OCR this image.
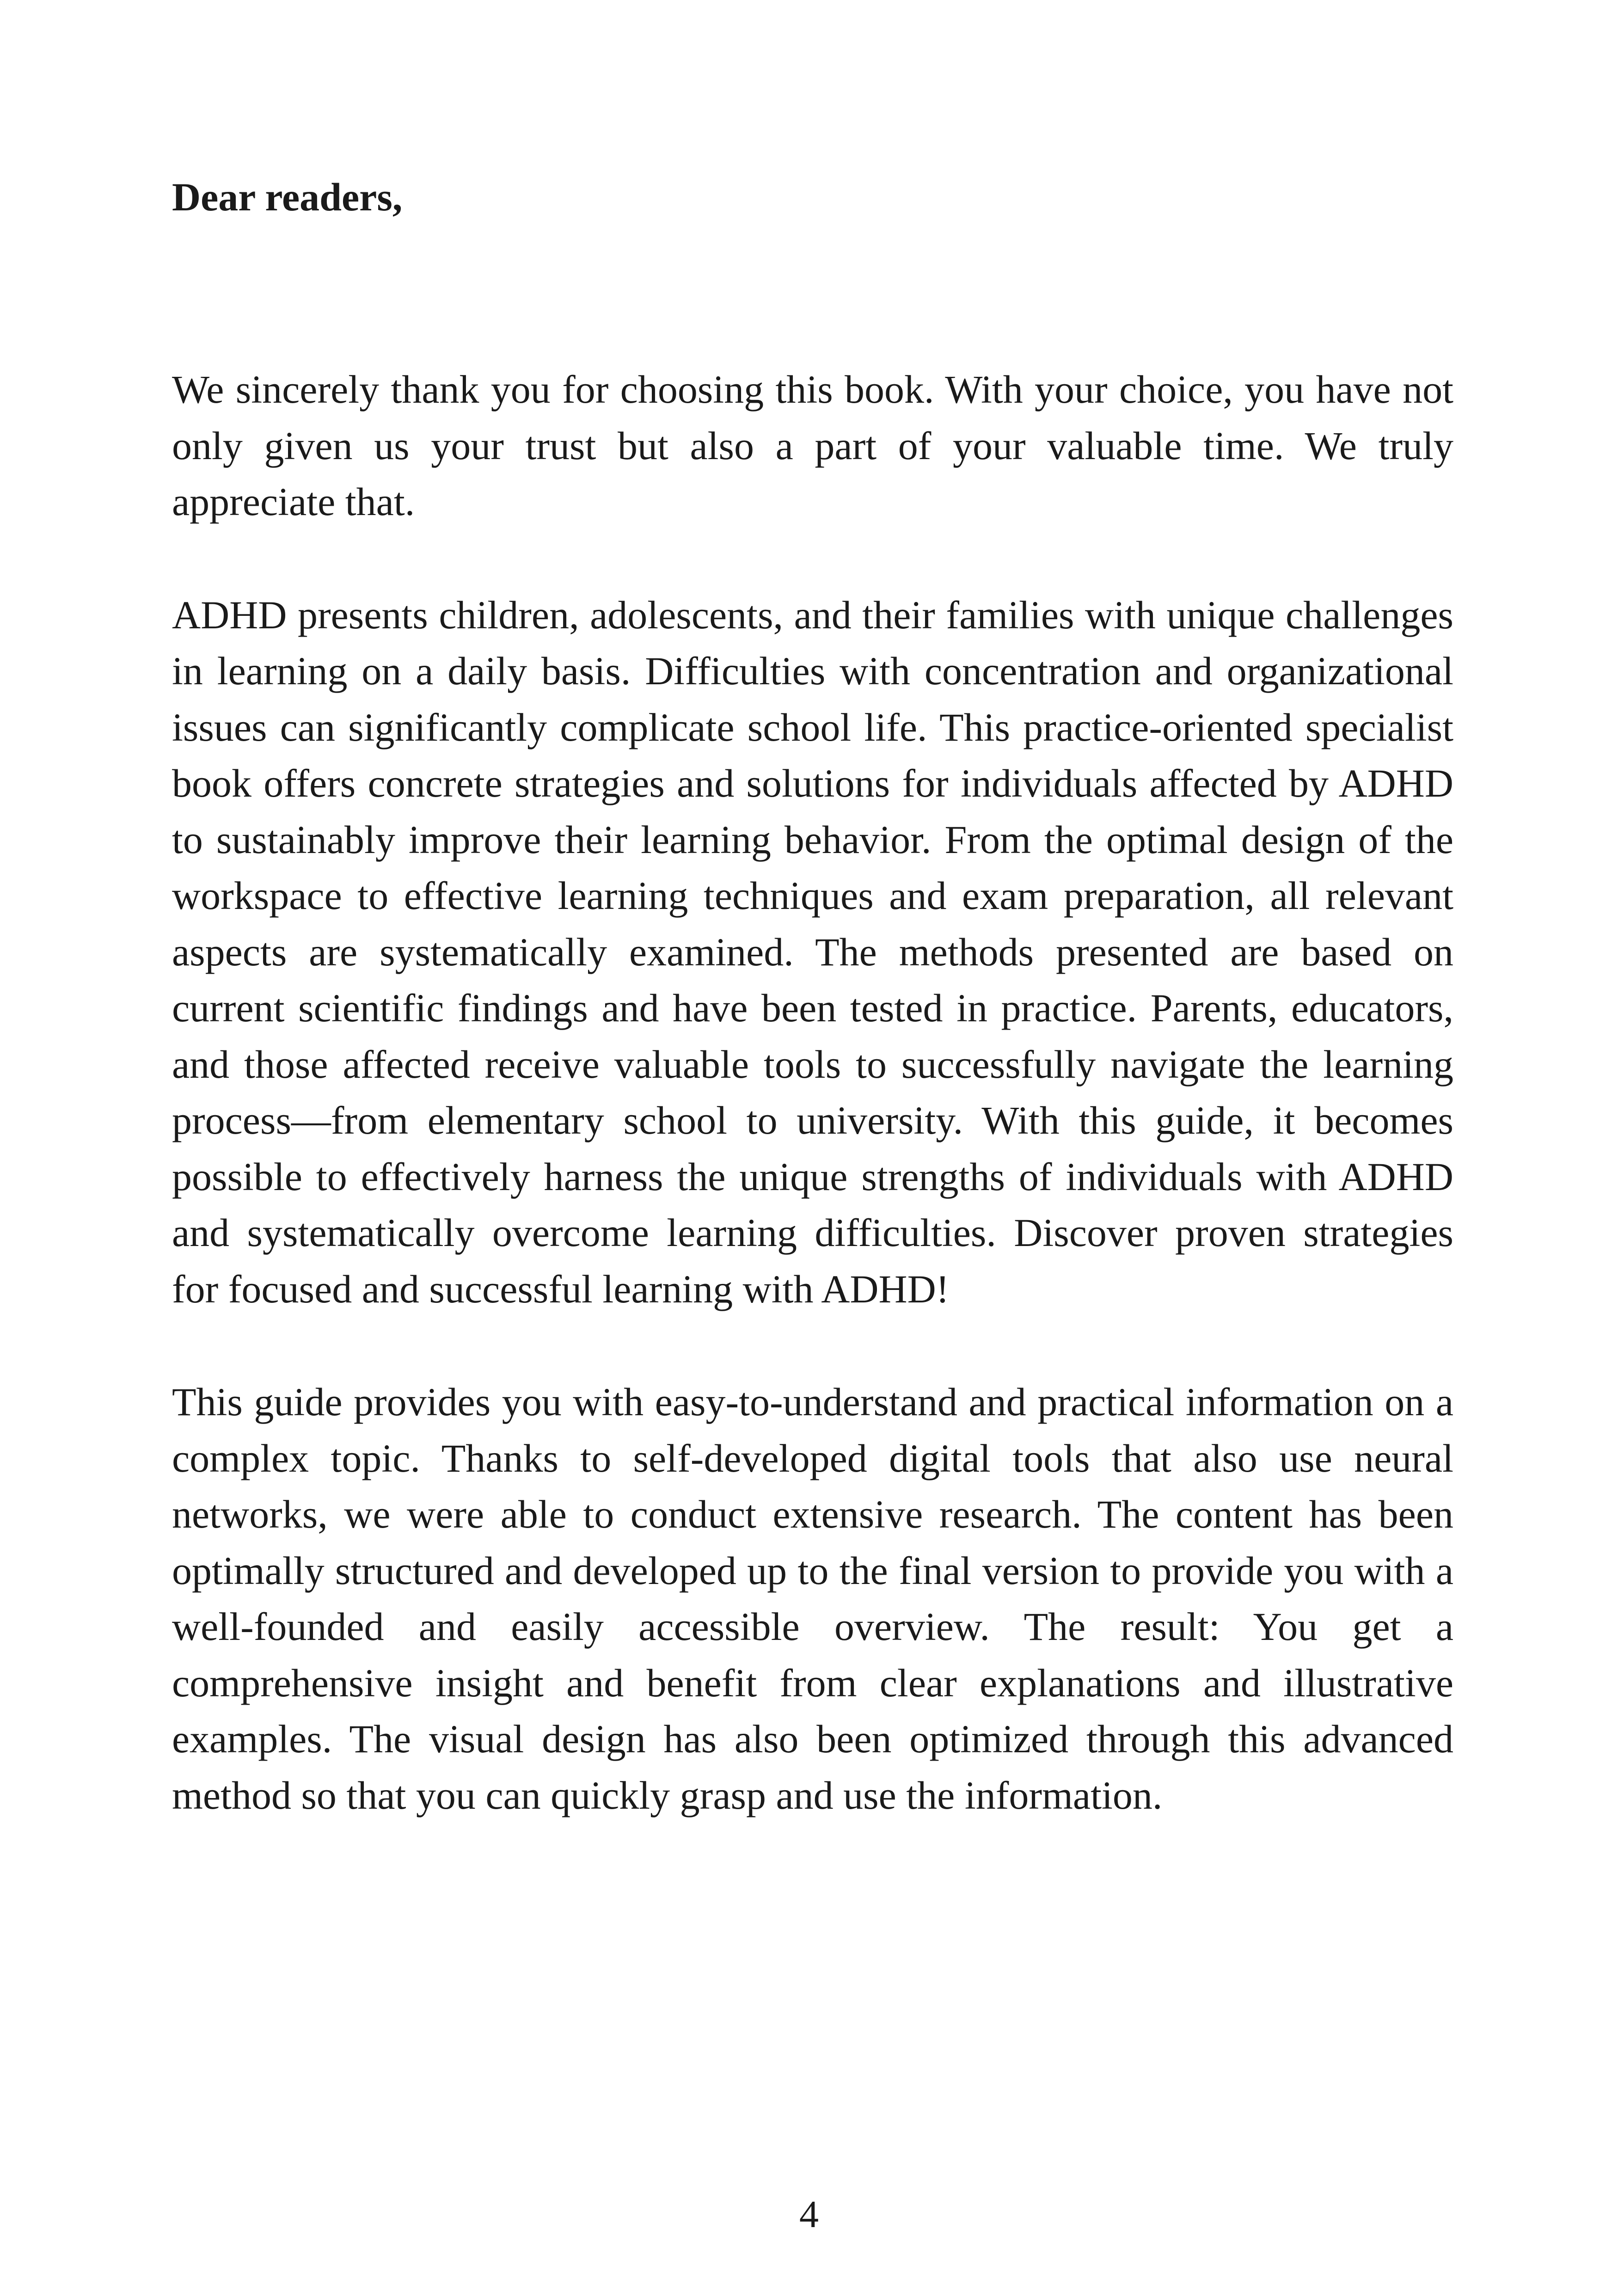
Dear readers,

We sincerely thank you for choosing this book. With your choice, you have not only given us your trust but also a part of your valuable time. We truly appreciate that.

ADHD presents children, adolescents, and their families with unique challenges in learning on a daily basis. Difficulties with concentration and organizational issues can significantly complicate school life. This practice-oriented specialist book offers concrete strategies and solutions for individuals affected by ADHD to sustainably improve their learning behavior. From the optimal design of the workspace to effective learning techniques and exam preparation, all relevant aspects are systematically examined. The methods presented are based on current scientific findings and have been tested in practice. Parents, educators, and those affected receive valuable tools to successfully navigate the learning process—from elementary school to university. With this guide, it becomes possible to effectively harness the unique strengths of individuals with ADHD and systematically overcome learning difficulties. Discover proven strategies for focused and successful learning with ADHD!

This guide provides you with easy-to-understand and practical information on a complex topic. Thanks to self-developed digital tools that also use neural networks, we were able to conduct extensive research. The content has been optimally structured and developed up to the final version to provide you with a well-founded and easily accessible overview. The result: You get a comprehensive insight and benefit from clear explanations and illustrative examples. The visual design has also been optimized through this advanced method so that you can quickly grasp and use the information.

4
